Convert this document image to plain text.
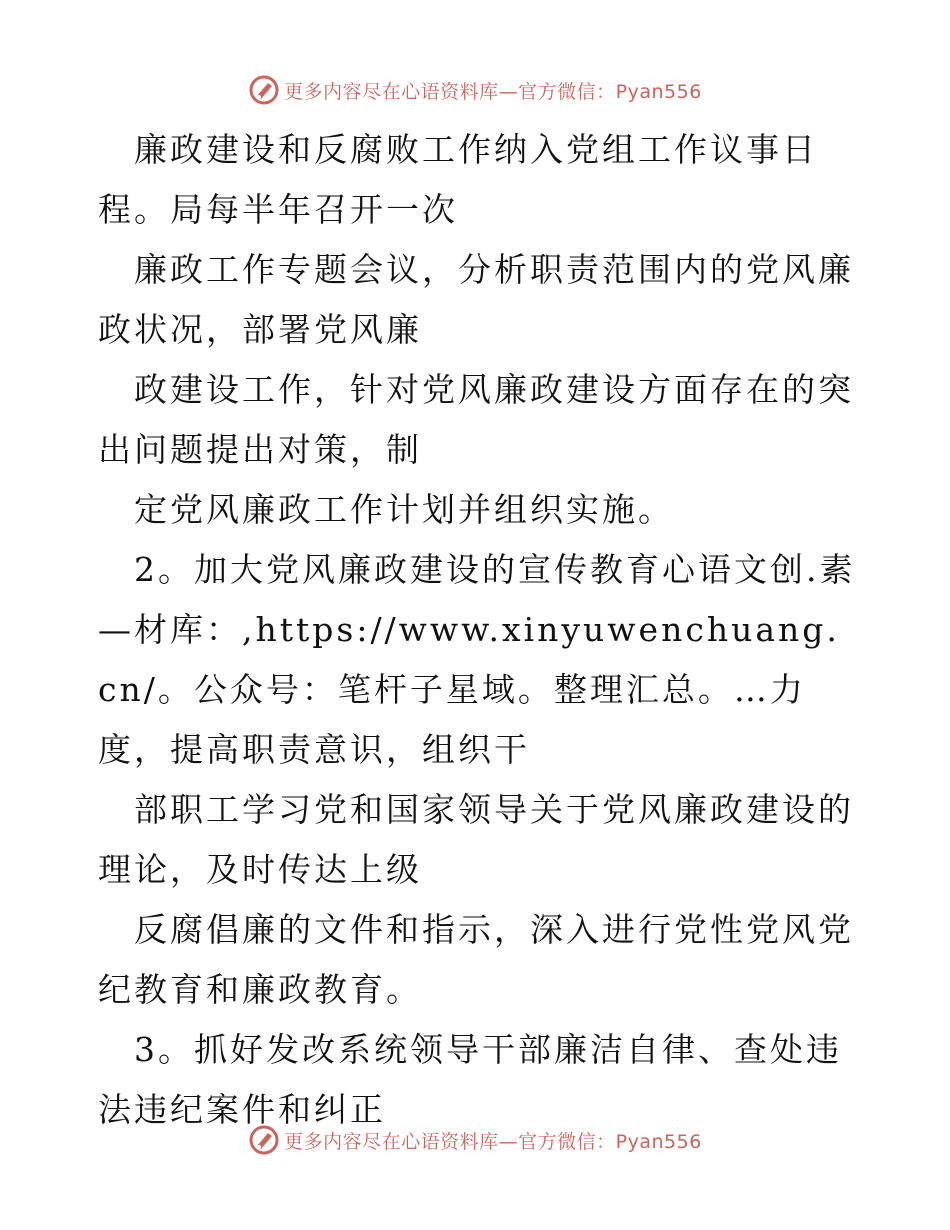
更多内容尽在心语资料库—官方微信：Pyan556

廉政建设和反腐败工作纳入党组工作议事日程。局每半年召开一次

廉政工作专题会议，分析职责范围内的党风廉政状况，部署党风廉

政建设工作，针对党风廉政建设方面存在的突出问题提出对策，制

定党风廉政工作计划并组织实施。

2。加大党风廉政建设的宣传教育心语文创.素—材库：,https://www.xinyuwenchuang.cn/。公众号：笔杆子星域。整理汇总。…力度，提高职责意识，组织干

部职工学习党和国家领导关于党风廉政建设的理论，及时传达上级

反腐倡廉的文件和指示，深入进行党性党风党纪教育和廉政教育。

3。抓好发改系统领导干部廉洁自律、查处违法违纪案件和纠正

更多内容尽在心语资料库—官方微信：Pyan556
